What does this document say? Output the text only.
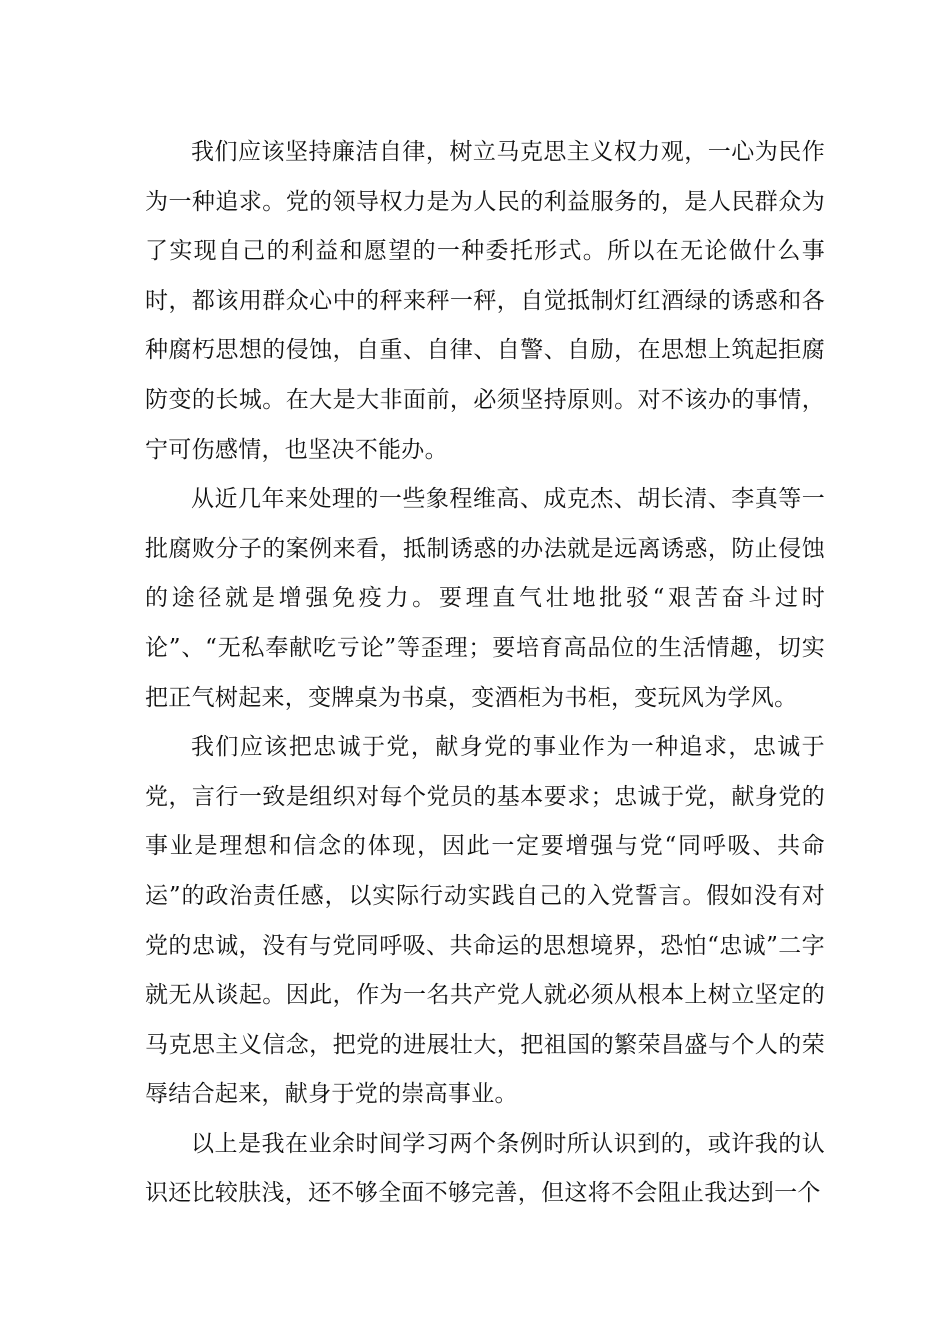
我们应该坚持廉洁自律，树立马克思主义权力观，一心为民作为一种追求。党的领导权力是为人民的利益服务的，是人民群众为了实现自己的利益和愿望的一种委托形式。所以在无论做什么事时，都该用群众心中的秤来秤一秤，自觉抵制灯红酒绿的诱惑和各种腐朽思想的侵蚀，自重、自律、自警、自励，在思想上筑起拒腐防变的长城。在大是大非面前，必须坚持原则。对不该办的事情，宁可伤感情，也坚决不能办。

从近几年来处理的一些象程维高、成克杰、胡长清、李真等一批腐败分子的案例来看，抵制诱惑的办法就是远离诱惑，防止侵蚀的途径就是增强免疫力。要理直气壮地批驳“艰苦奋斗过时论”、“无私奉献吃亏论”等歪理；要培育高品位的生活情趣，切实把正气树起来，变牌桌为书桌，变酒柜为书柜，变玩风为学风。

我们应该把忠诚于党，献身党的事业作为一种追求，忠诚于党，言行一致是组织对每个党员的基本要求；忠诚于党，献身党的事业是理想和信念的体现，因此一定要增强与党“同呼吸、共命运”的政治责任感，以实际行动实践自己的入党誓言。假如没有对党的忠诚，没有与党同呼吸、共命运的思想境界，恐怕“忠诚”二字就无从谈起。因此，作为一名共产党人就必须从根本上树立坚定的马克思主义信念，把党的进展壮大，把祖国的繁荣昌盛与个人的荣辱结合起来，献身于党的崇高事业。

以上是我在业余时间学习两个条例时所认识到的，或许我的认识还比较肤浅，还不够全面不够完善，但这将不会阻止我达到一个
